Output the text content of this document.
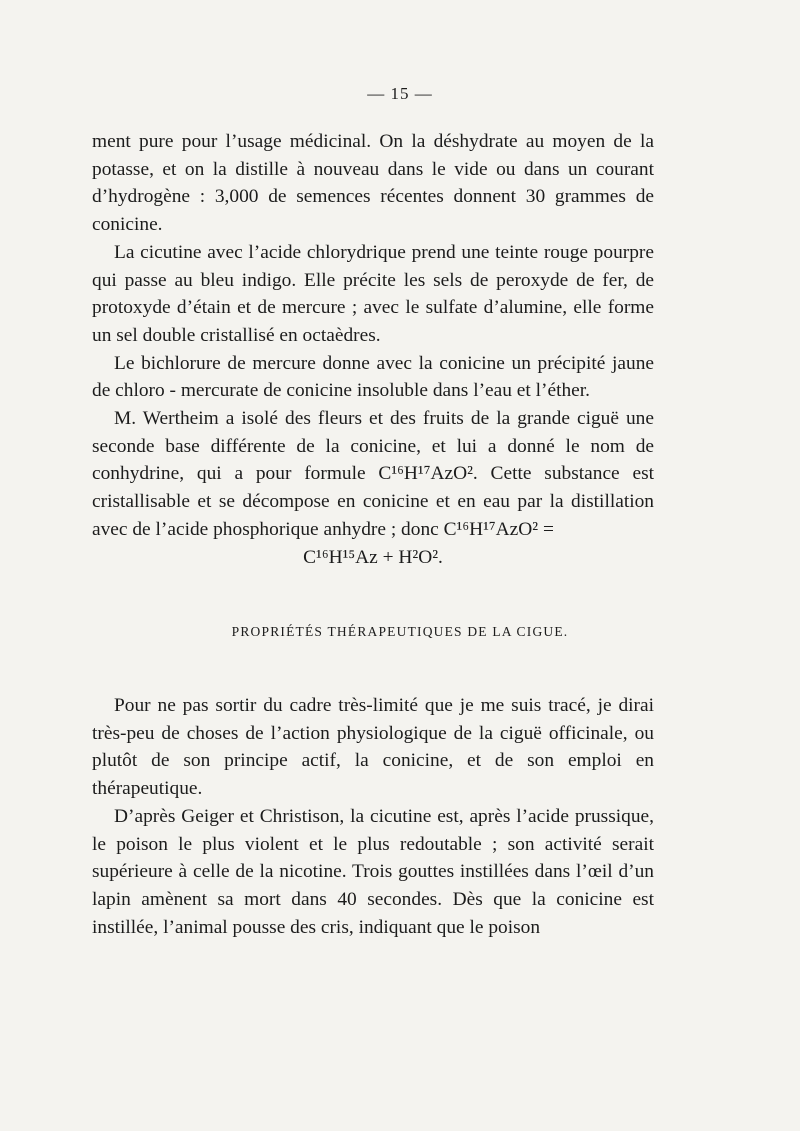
— 15 —

ment pure pour l’usage médicinal. On la déshydrate au moyen de la potasse, et on la distille à nouveau dans le vide ou dans un courant d’hydrogène : 3,000 de semences récentes donnent 30 grammes de conicine.

La cicutine avec l’acide chlorydrique prend une teinte rouge pourpre qui passe au bleu indigo. Elle précite les sels de peroxyde de fer, de protoxyde d’étain et de mercure ; avec le sulfate d’alumine, elle forme un sel double cristallisé en octaèdres.

Le bichlorure de mercure donne avec la conicine un précipité jaune de chloro - mercurate de conicine insoluble dans l’eau et l’éther.

M. Wertheim a isolé des fleurs et des fruits de la grande ciguë une seconde base différente de la conicine, et lui a donné le nom de conhydrine, qui a pour formule C¹⁶H¹⁷AzO². Cette substance est cristallisable et se décompose en conicine et en eau par la distillation avec de l’acide phosphorique anhydre ; donc C¹⁶H¹⁷AzO² =

C¹⁶H¹⁵Az + H²O².

PROPRIÉTÉS THÉRAPEUTIQUES DE LA CIGUE.

Pour ne pas sortir du cadre très-limité que je me suis tracé, je dirai très-peu de choses de l’action physiologique de la ciguë officinale, ou plutôt de son principe actif, la conicine, et de son emploi en thérapeutique.

D’après Geiger et Christison, la cicutine est, après l’acide prussique, le poison le plus violent et le plus redoutable ; son activité serait supérieure à celle de la nicotine. Trois gouttes instillées dans l’œil d’un lapin amènent sa mort dans 40 secondes. Dès que la conicine est instillée, l’animal pousse des cris, indiquant que le poison
